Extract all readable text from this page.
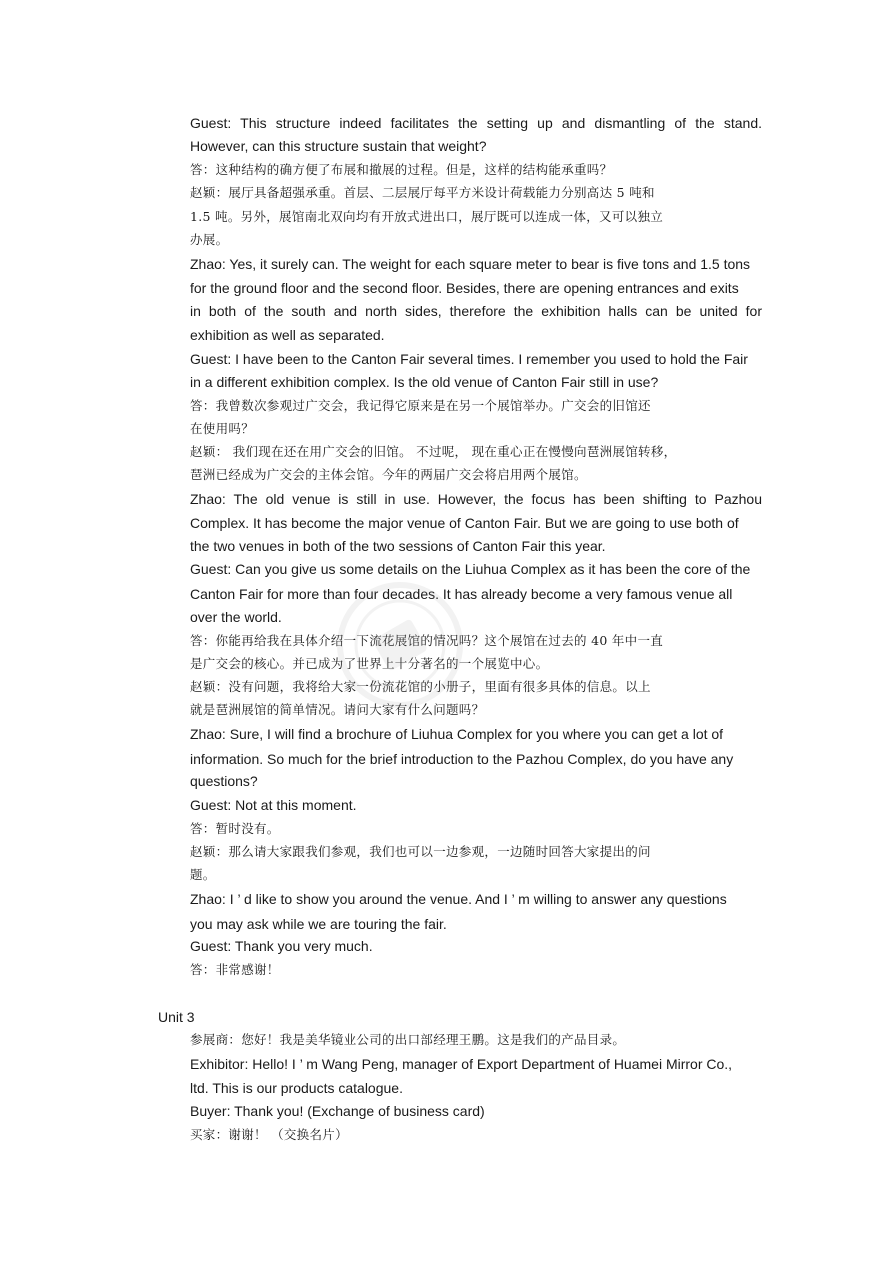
Guest: This structure indeed facilitates the setting up and dismantling of the stand.
However, can this structure sustain that weight?
答：这种结构的确方便了布展和撤展的过程。但是，这样的结构能承重吗？
赵颖：展厅具备超强承重。首层、二层展厅每平方米设计荷载能力分别高达 5 吨和
1.5 吨。另外，展馆南北双向均有开放式进出口，展厅既可以连成一体，又可以独立
办展。
Zhao: Yes, it surely can. The weight for each square meter to bear is five tons and 1.5 tons
for the ground floor and the second floor. Besides, there are opening entrances and exits
in both of the south and north sides, therefore the exhibition halls can be united for
exhibition as well as separated.
Guest: I have been to the Canton Fair several times. I remember you used to hold the Fair
in a different exhibition complex. Is the old venue of Canton Fair still in use?
答：我曾数次参观过广交会，我记得它原来是在另一个展馆举办。广交会的旧馆还
在使用吗？
赵颖： 我们现在还在用广交会的旧馆。 不过呢， 现在重心正在慢慢向琶洲展馆转移，
琶洲已经成为广交会的主体会馆。今年的两届广交会将启用两个展馆。
Zhao: The old venue is still in use. However, the focus has been shifting to Pazhou
Complex. It has become the major venue of Canton Fair. But we are going to use both of
the two venues in both of the two sessions of Canton Fair this year.
Guest: Can you give us some details on the Liuhua Complex as it has been the core of the
Canton Fair for more than four decades. It has already become a very famous venue all
over the world.
答：你能再给我在具体介绍一下流花展馆的情况吗？这个展馆在过去的 40 年中一直
是广交会的核心。并已成为了世界上十分著名的一个展览中心。
赵颖：没有问题，我将给大家一份流花馆的小册子，里面有很多具体的信息。以上
就是琶洲展馆的简单情况。请问大家有什么问题吗？
Zhao: Sure, I will find a brochure of Liuhua Complex for you where you can get a lot of
information. So much for the brief introduction to the Pazhou Complex, do you have any
questions?
Guest: Not at this moment.
答：暂时没有。
赵颖：那么请大家跟我们参观，我们也可以一边参观，一边随时回答大家提出的问
题。
Zhao: I ’ d like to show you around the venue. And I ’ m willing to answer any questions
you may ask while we are touring the fair.
Guest: Thank you very much.
答：非常感谢！
Unit 3
参展商：您好！我是美华镜业公司的出口部经理王鹏。这是我们的产品目录。
Exhibitor: Hello! I ’ m Wang Peng, manager of Export Department of Huamei Mirror Co.,
ltd. This is our products catalogue.
Buyer: Thank you! (Exchange of business card)
买家：谢谢！ （交换名片）
